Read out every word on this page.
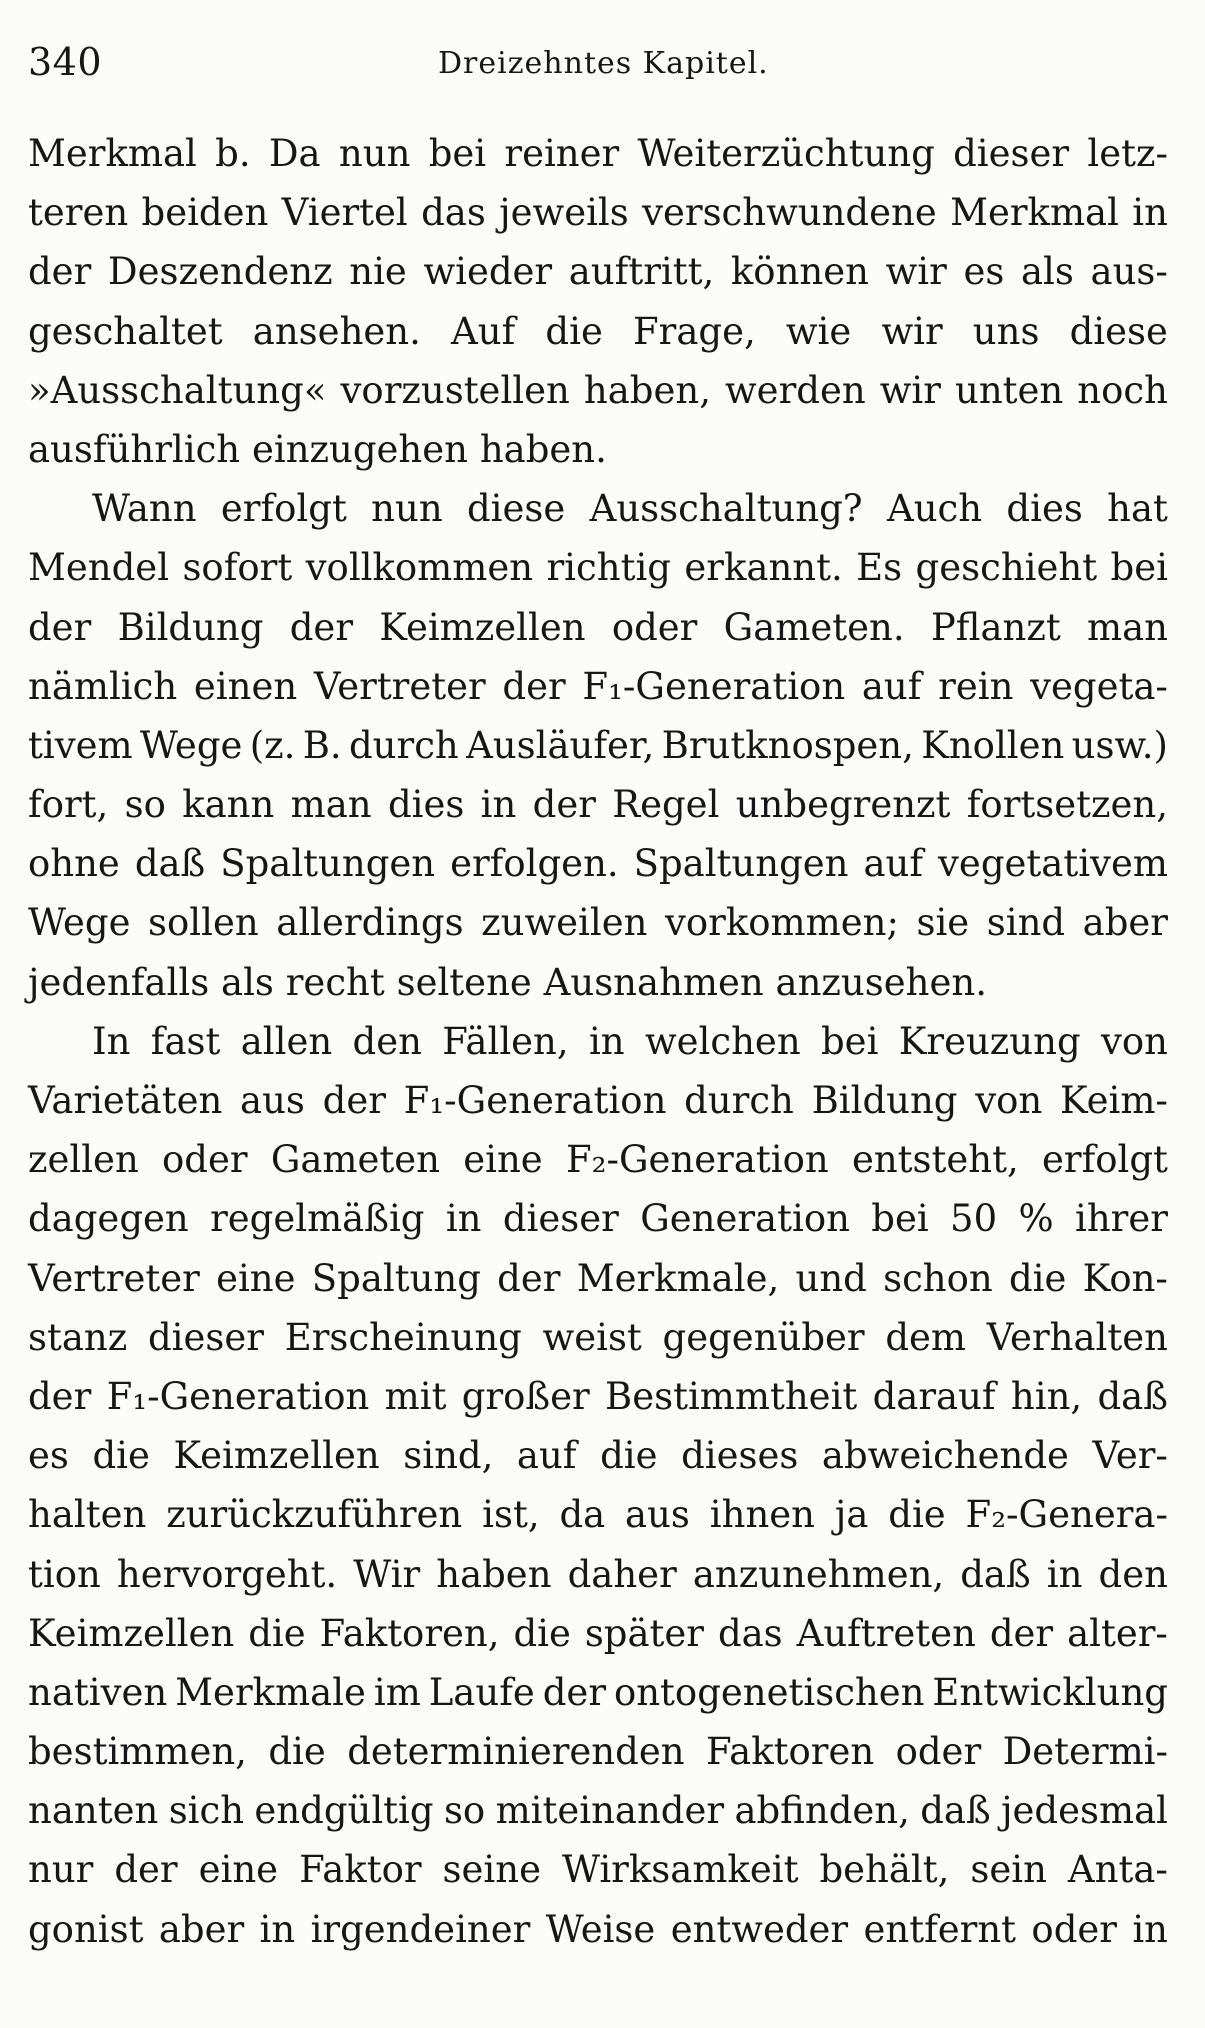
340	Dreizehntes Kapitel.
Merkmal b. Da nun bei reiner Weiterzüchtung dieser letz-
teren beiden Viertel das jeweils verschwundene Merkmal in
der Deszendenz nie wieder auftritt, können wir es als aus-
geschaltet ansehen. Auf die Frage, wie wir uns diese
»Ausschaltung« vorzustellen haben, werden wir unten noch
ausführlich einzugehen haben.
Wann erfolgt nun diese Ausschaltung? Auch dies hat
Mendel sofort vollkommen richtig erkannt. Es geschieht bei
der Bildung der Keimzellen oder Gameten. Pflanzt man
nämlich einen Vertreter der F₁-Generation auf rein vegeta-
tivem Wege (z. B. durch Ausläufer, Brutknospen, Knollen usw.)
fort, so kann man dies in der Regel unbegrenzt fortsetzen,
ohne daß Spaltungen erfolgen. Spaltungen auf vegetativem
Wege sollen allerdings zuweilen vorkommen; sie sind aber
jedenfalls als recht seltene Ausnahmen anzusehen.
In fast allen den Fällen, in welchen bei Kreuzung von
Varietäten aus der F₁-Generation durch Bildung von Keim-
zellen oder Gameten eine F₂-Generation entsteht, erfolgt
dagegen regelmäßig in dieser Generation bei 50 % ihrer
Vertreter eine Spaltung der Merkmale, und schon die Kon-
stanz dieser Erscheinung weist gegenüber dem Verhalten
der F₁-Generation mit großer Bestimmtheit darauf hin, daß
es die Keimzellen sind, auf die dieses abweichende Ver-
halten zurückzuführen ist, da aus ihnen ja die F₂-Genera-
tion hervorgeht. Wir haben daher anzunehmen, daß in den
Keimzellen die Faktoren, die später das Auftreten der alter-
nativen Merkmale im Laufe der ontogenetischen Entwicklung
bestimmen, die determinierenden Faktoren oder Determi-
nanten sich endgültig so miteinander abfinden, daß jedesmal
nur der eine Faktor seine Wirksamkeit behält, sein Anta-
gonist aber in irgendeiner Weise entweder entfernt oder in
